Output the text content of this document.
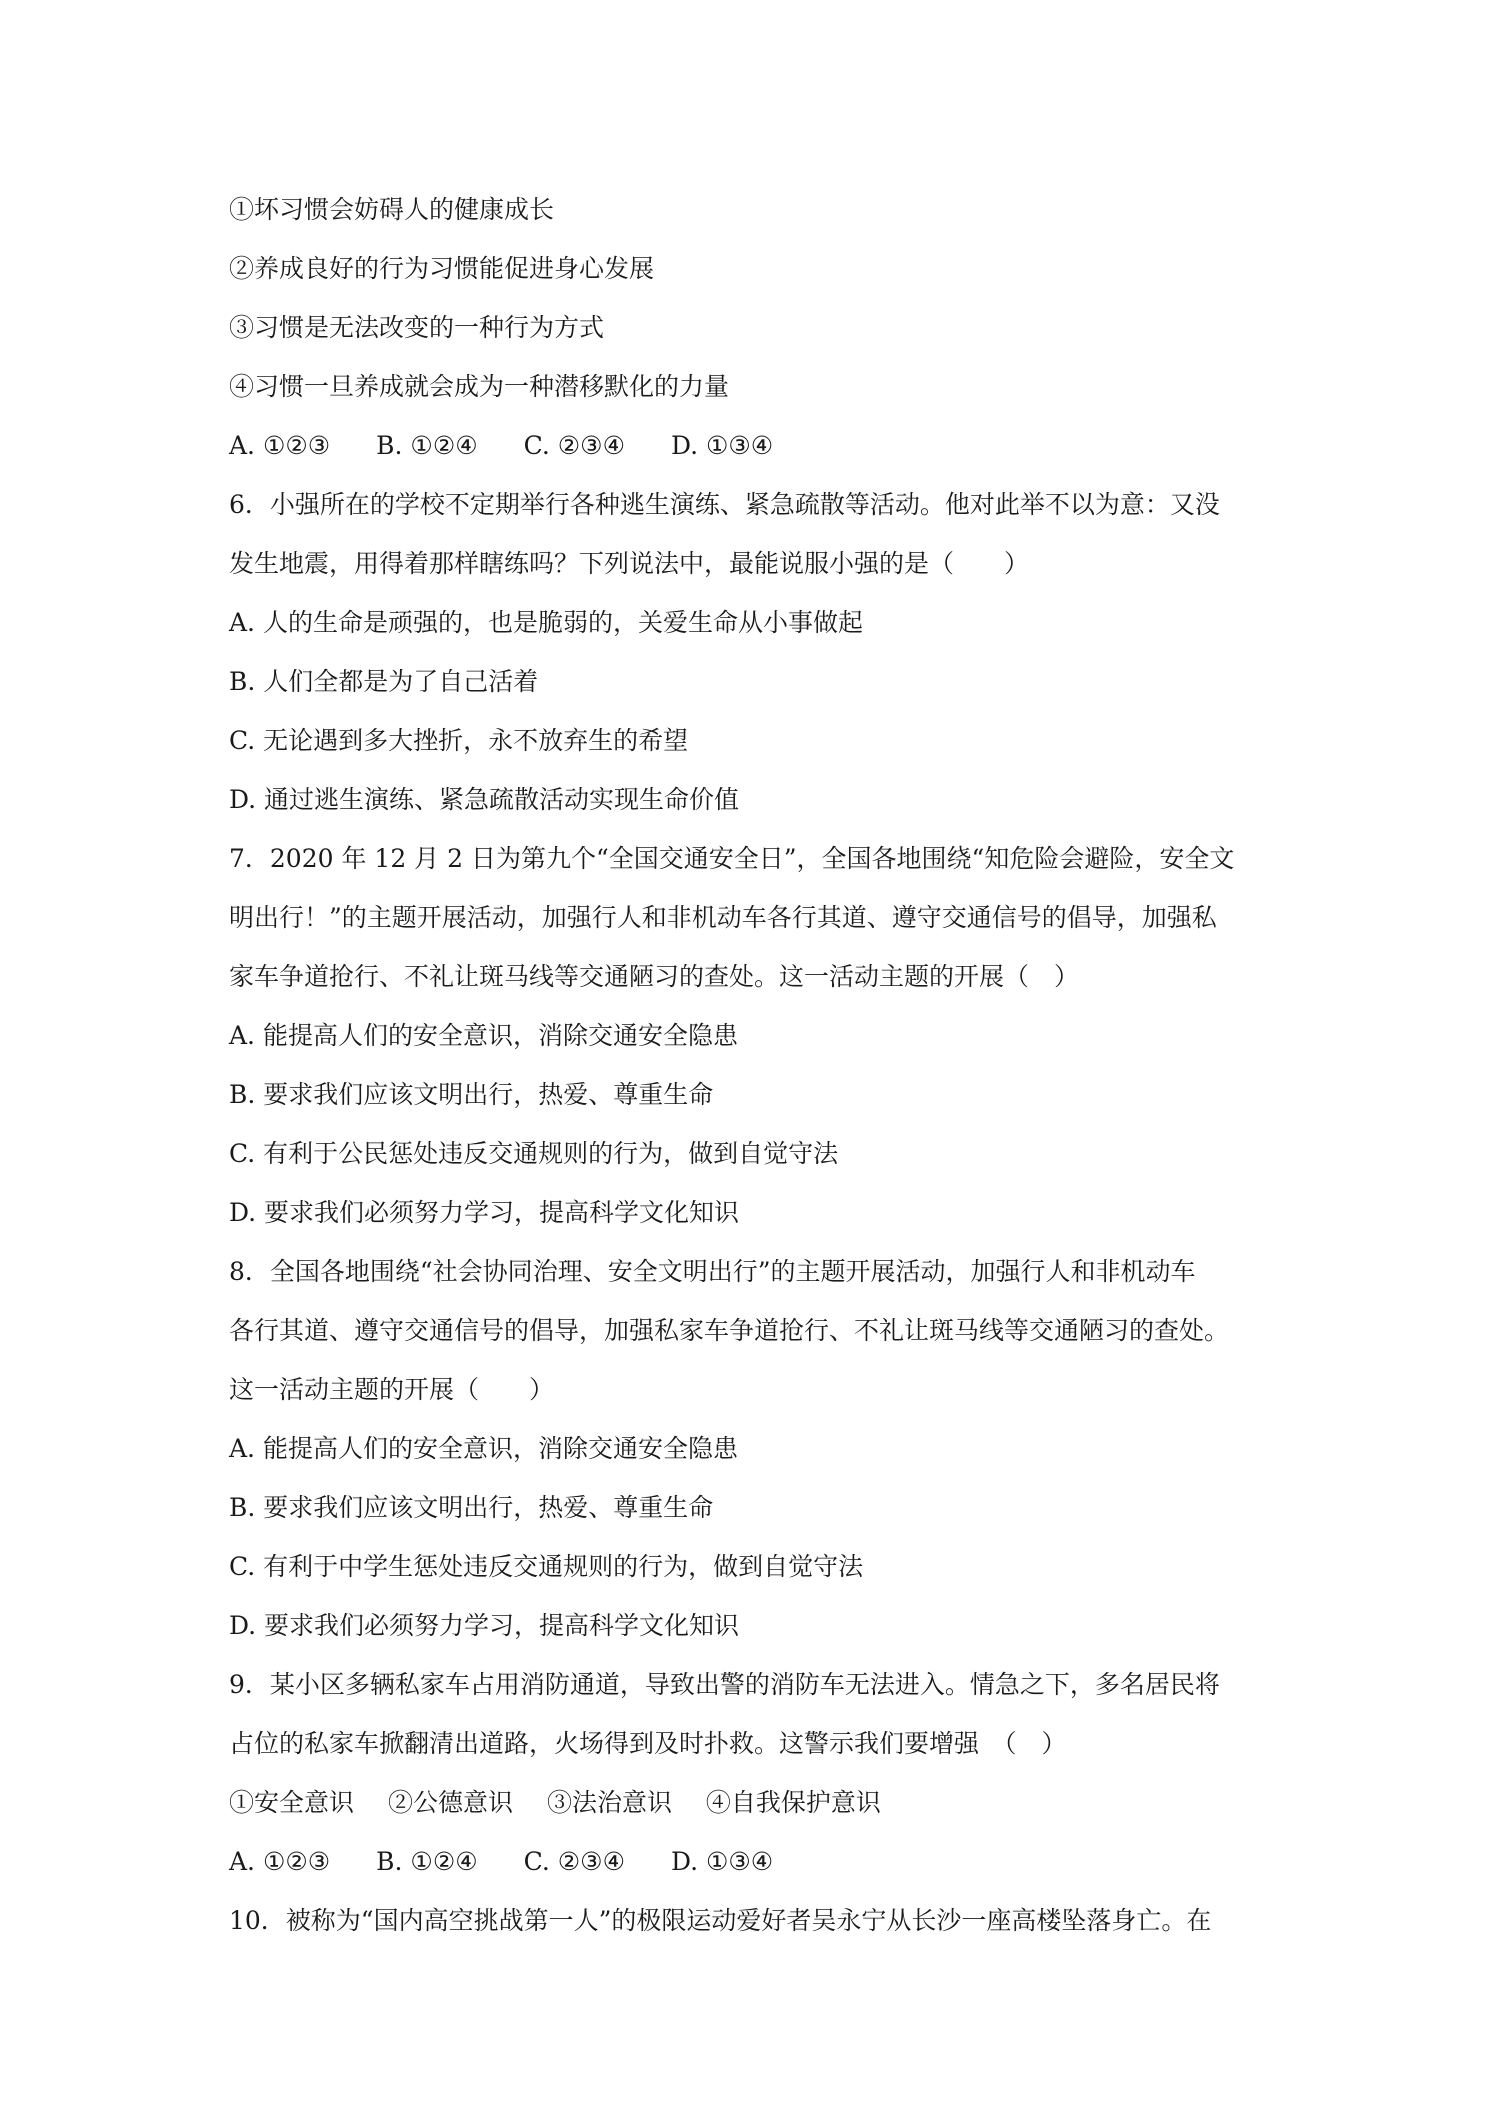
①坏习惯会妨碍人的健康成长
②养成良好的行为习惯能促进身心发展
③习惯是无法改变的一种行为方式
④习惯一旦养成就会成为一种潜移默化的力量
A. ①②③ B. ①②④ C. ②③④ D. ①③④
6．小强所在的学校不定期举行各种逃生演练、紧急疏散等活动。他对此举不以为意：又没
发生地震，用得着那样瞎练吗？下列说法中，最能说服小强的是（　　）
A. 人的生命是顽强的，也是脆弱的，关爱生命从小事做起
B. 人们全都是为了自己活着
C. 无论遇到多大挫折，永不放弃生的希望
D. 通过逃生演练、紧急疏散活动实现生命价值
7．2020 年 12 月 2 日为第九个“全国交通安全日”，全国各地围绕“知危险会避险，安全文
明出行！”的主题开展活动，加强行人和非机动车各行其道、遵守交通信号的倡导，加强私
家车争道抢行、不礼让斑马线等交通陋习的查处。这一活动主题的开展（　）
A. 能提高人们的安全意识，消除交通安全隐患
B. 要求我们应该文明出行，热爱、尊重生命
C. 有利于公民惩处违反交通规则的行为，做到自觉守法
D. 要求我们必须努力学习，提高科学文化知识
8．全国各地围绕“社会协同治理、安全文明出行”的主题开展活动，加强行人和非机动车
各行其道、遵守交通信号的倡导，加强私家车争道抢行、不礼让斑马线等交通陋习的查处。
这一活动主题的开展（　　）
A. 能提高人们的安全意识，消除交通安全隐患
B. 要求我们应该文明出行，热爱、尊重生命
C. 有利于中学生惩处违反交通规则的行为，做到自觉守法
D. 要求我们必须努力学习，提高科学文化知识
9．某小区多辆私家车占用消防通道，导致出警的消防车无法进入。情急之下，多名居民将
占位的私家车掀翻清出道路，火场得到及时扑救。这警示我们要增强　（　）
①安全意识 ②公德意识 ③法治意识 ④自我保护意识
A. ①②③ B. ①②④ C. ②③④ D. ①③④
10．被称为“国内高空挑战第一人”的极限运动爱好者吴永宁从长沙一座高楼坠落身亡。在
